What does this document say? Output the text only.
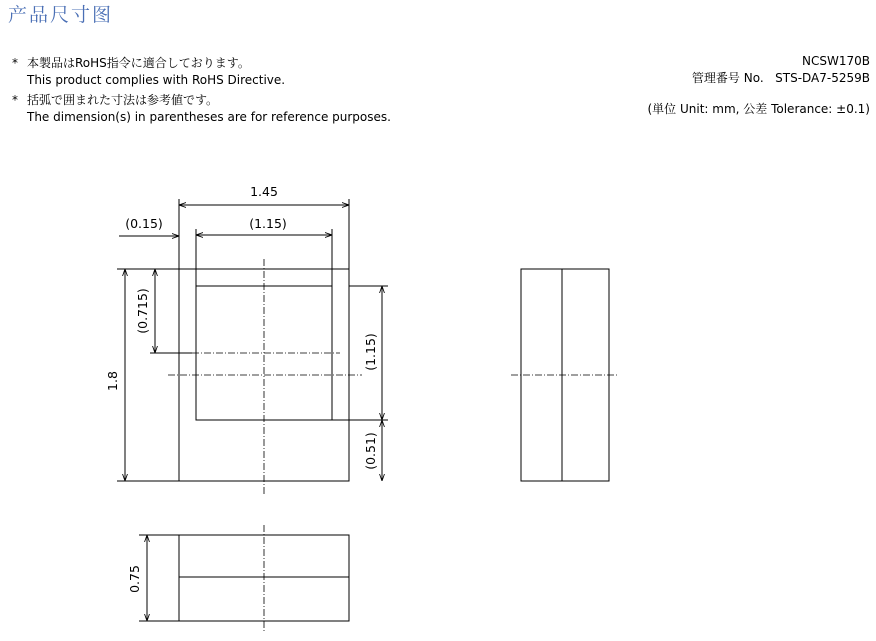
产品尺寸图
* 本製品はRoHS指令に適合しております。
This product complies with RoHS Directive.
* 括弧で囲まれた寸法は参考値です。
The dimension(s) in parentheses are for reference purposes.
NCSW170B
管理番号 No. STS-DA7-5259B
(単位 Unit: mm, 公差 Tolerance: ±0.1)
1.45
(0.15)	(1.15)
1.8
(0.715)
(1.15)
(0.51)
0.75
